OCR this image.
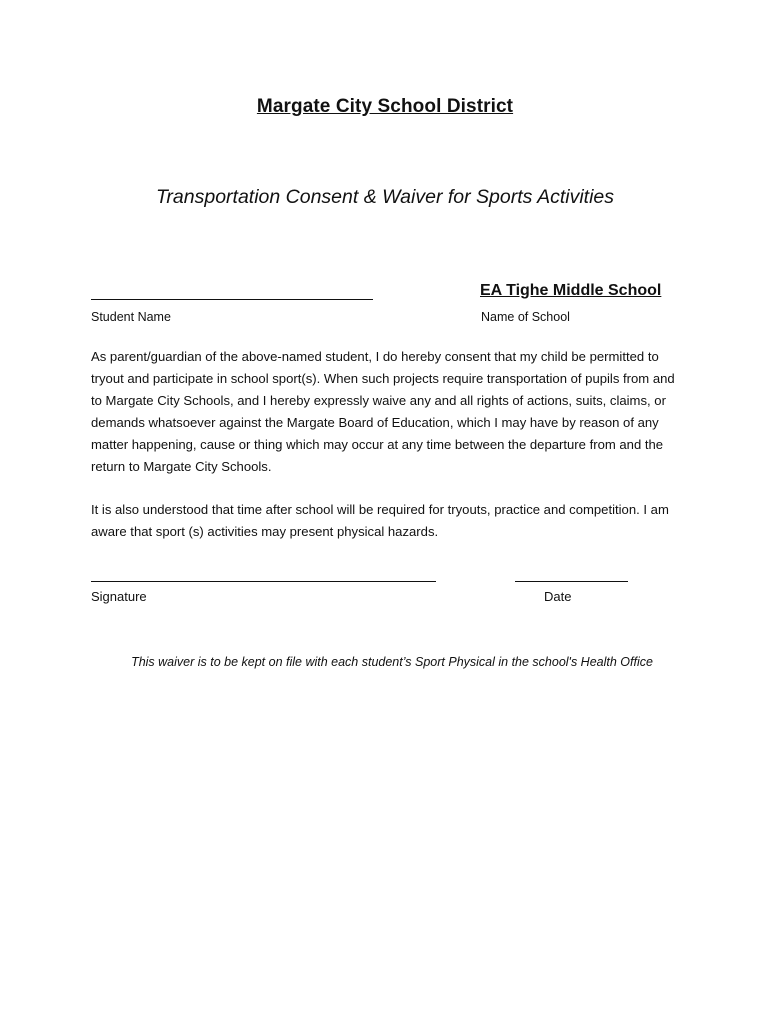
Margate City School District
Transportation Consent & Waiver for Sports Activities
EA Tighe Middle School
Student Name	Name of School

As parent/guardian of the above-named student, I do hereby consent that my child be permitted to tryout and participate in school sport(s). When such projects require transportation of pupils from and to Margate City Schools, and I hereby expressly waive any and all rights of actions, suits, claims, or demands whatsoever against the Margate Board of Education, which I may have by reason of any matter happening, cause or thing which may occur at any time between the departure from and the return to Margate City Schools.

It is also understood that time after school will be required for tryouts, practice and competition. I am aware that sport (s) activities may present physical hazards.

Signature	Date
This waiver is to be kept on file with each student’s Sport Physical in the school's Health Office
